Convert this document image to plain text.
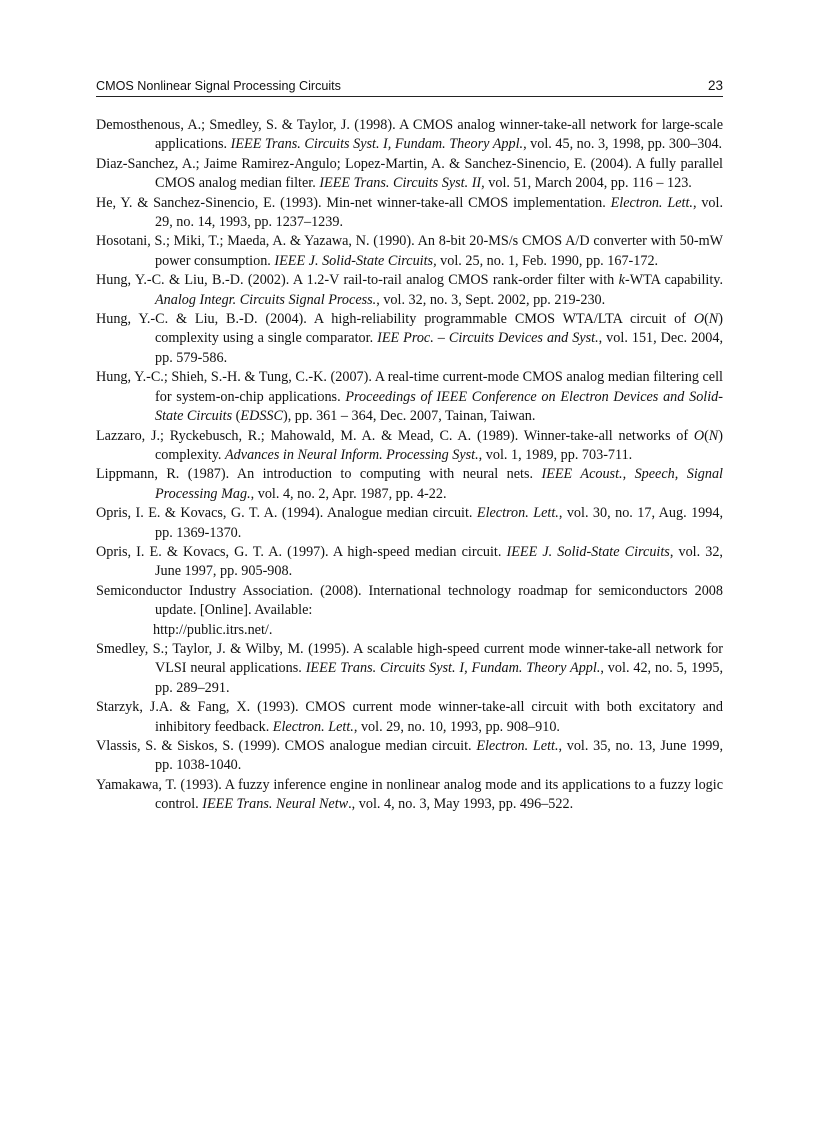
CMOS Nonlinear Signal Processing Circuits	23

Demosthenous, A.; Smedley, S. & Taylor, J. (1998). A CMOS analog winner-take-all network for large-scale applications. IEEE Trans. Circuits Syst. I, Fundam. Theory Appl., vol. 45, no. 3, 1998, pp. 300–304.

Diaz-Sanchez, A.; Jaime Ramirez-Angulo; Lopez-Martin, A. & Sanchez-Sinencio, E. (2004). A fully parallel CMOS analog median filter. IEEE Trans. Circuits Syst. II, vol. 51, March 2004, pp. 116 – 123.

He, Y. & Sanchez-Sinencio, E. (1993). Min-net winner-take-all CMOS implementation. Electron. Lett., vol. 29, no. 14, 1993, pp. 1237–1239.

Hosotani, S.; Miki, T.; Maeda, A. & Yazawa, N. (1990). An 8-bit 20-MS/s CMOS A/D converter with 50-mW power consumption. IEEE J. Solid-State Circuits, vol. 25, no. 1, Feb. 1990, pp. 167-172.

Hung, Y.-C. & Liu, B.-D. (2002). A 1.2-V rail-to-rail analog CMOS rank-order filter with k-WTA capability. Analog Integr. Circuits Signal Process., vol. 32, no. 3, Sept. 2002, pp. 219-230.

Hung, Y.-C. & Liu, B.-D. (2004). A high-reliability programmable CMOS WTA/LTA circuit of O(N) complexity using a single comparator. IEE Proc. – Circuits Devices and Syst., vol. 151, Dec. 2004, pp. 579-586.

Hung, Y.-C.; Shieh, S.-H. & Tung, C.-K. (2007). A real-time current-mode CMOS analog median filtering cell for system-on-chip applications. Proceedings of IEEE Conference on Electron Devices and Solid-State Circuits (EDSSC), pp. 361 – 364, Dec. 2007, Tainan, Taiwan.

Lazzaro, J.; Ryckebusch, R.; Mahowald, M. A. & Mead, C. A. (1989). Winner-take-all networks of O(N) complexity. Advances in Neural Inform. Processing Syst., vol. 1, 1989, pp. 703-711.

Lippmann, R. (1987). An introduction to computing with neural nets. IEEE Acoust., Speech, Signal Processing Mag., vol. 4, no. 2, Apr. 1987, pp. 4-22.

Opris, I. E. & Kovacs, G. T. A. (1994). Analogue median circuit. Electron. Lett., vol. 30, no. 17, Aug. 1994, pp. 1369-1370.

Opris, I. E. & Kovacs, G. T. A. (1997). A high-speed median circuit. IEEE J. Solid-State Circuits, vol. 32, June 1997, pp. 905-908.

Semiconductor Industry Association. (2008). International technology roadmap for semiconductors 2008 update. [Online]. Available:

http://public.itrs.net/.

Smedley, S.; Taylor, J. & Wilby, M. (1995). A scalable high-speed current mode winner-take-all network for VLSI neural applications. IEEE Trans. Circuits Syst. I, Fundam. Theory Appl., vol. 42, no. 5, 1995, pp. 289–291.

Starzyk, J.A. & Fang, X. (1993). CMOS current mode winner-take-all circuit with both excitatory and inhibitory feedback. Electron. Lett., vol. 29, no. 10, 1993, pp. 908–910.

Vlassis, S. & Siskos, S. (1999). CMOS analogue median circuit. Electron. Lett., vol. 35, no. 13, June 1999, pp. 1038-1040.

Yamakawa, T. (1993). A fuzzy inference engine in nonlinear analog mode and its applications to a fuzzy logic control. IEEE Trans. Neural Netw., vol. 4, no. 3, May 1993, pp. 496–522.
